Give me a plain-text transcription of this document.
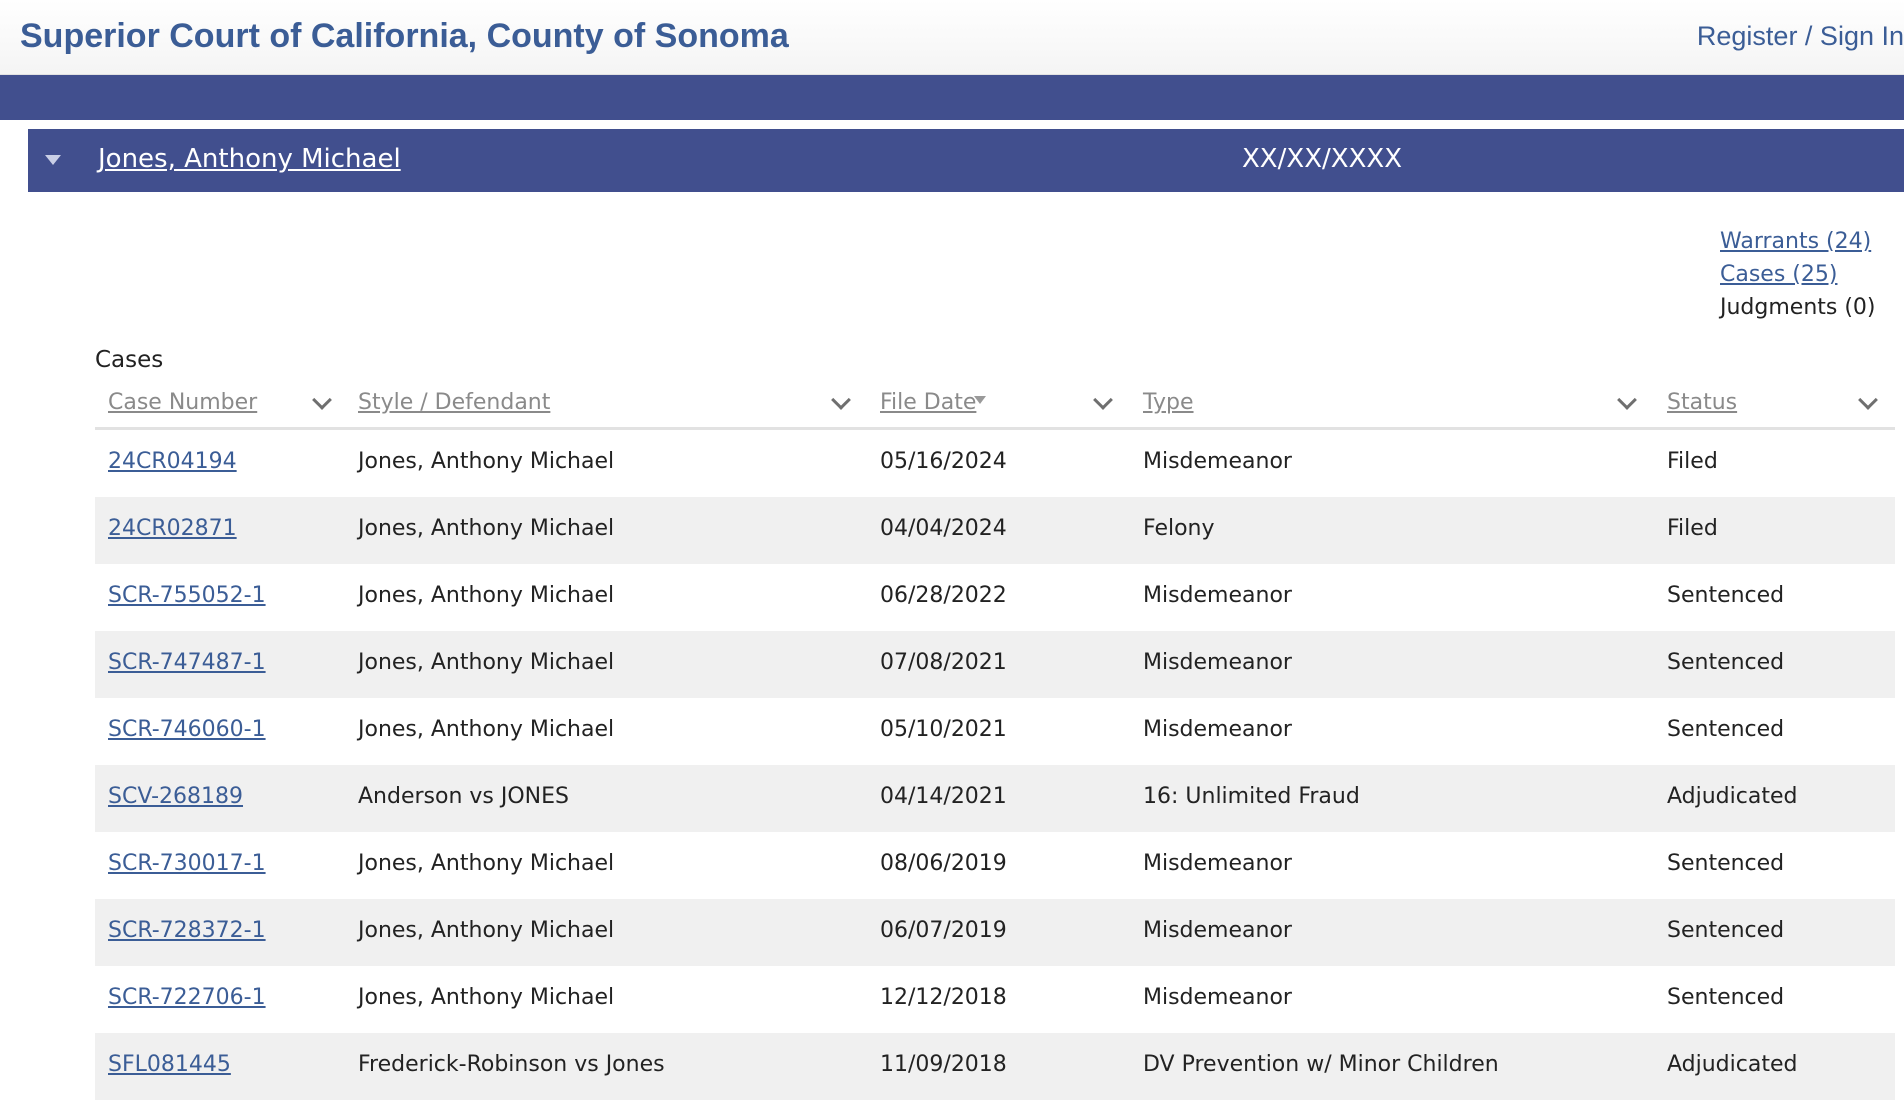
Superior Court of California, County of Sonoma	Register / Sign In
Jones, Anthony Michael	XX/XX/XXXX
Warrants (24)
Cases (25)
Judgments (0)
Cases
Case Number	Style / Defendant	File Date	Type	Status
24CR04194	Jones, Anthony Michael	05/16/2024	Misdemeanor	Filed
24CR02871	Jones, Anthony Michael	04/04/2024	Felony	Filed
SCR-755052-1	Jones, Anthony Michael	06/28/2022	Misdemeanor	Sentenced
SCR-747487-1	Jones, Anthony Michael	07/08/2021	Misdemeanor	Sentenced
SCR-746060-1	Jones, Anthony Michael	05/10/2021	Misdemeanor	Sentenced
SCV-268189	Anderson vs JONES	04/14/2021	16: Unlimited Fraud	Adjudicated
SCR-730017-1	Jones, Anthony Michael	08/06/2019	Misdemeanor	Sentenced
SCR-728372-1	Jones, Anthony Michael	06/07/2019	Misdemeanor	Sentenced
SCR-722706-1	Jones, Anthony Michael	12/12/2018	Misdemeanor	Sentenced
SFL081445	Frederick-Robinson vs Jones	11/09/2018	DV Prevention w/ Minor Children	Adjudicated
